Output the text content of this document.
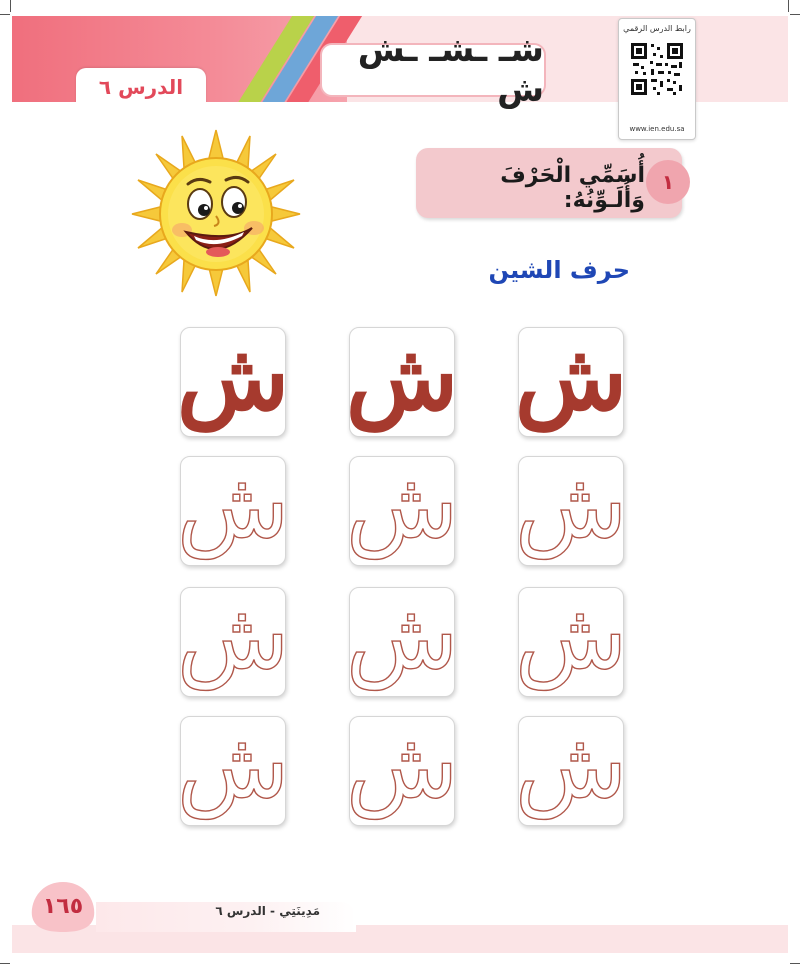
الدرس ٦
شـ ـشـ ـش ش
رابط الدرس الرقمي
www.ien.edu.sa
١
أُسَمِّي الْحَرْفَ وَأُلَـوِّنُهُ:
حرف الشين
ش ش ش
ش ش ش
ش ش ش
ش ش ش
مَدِينَتِي - الدرس ٦
١٦٥
